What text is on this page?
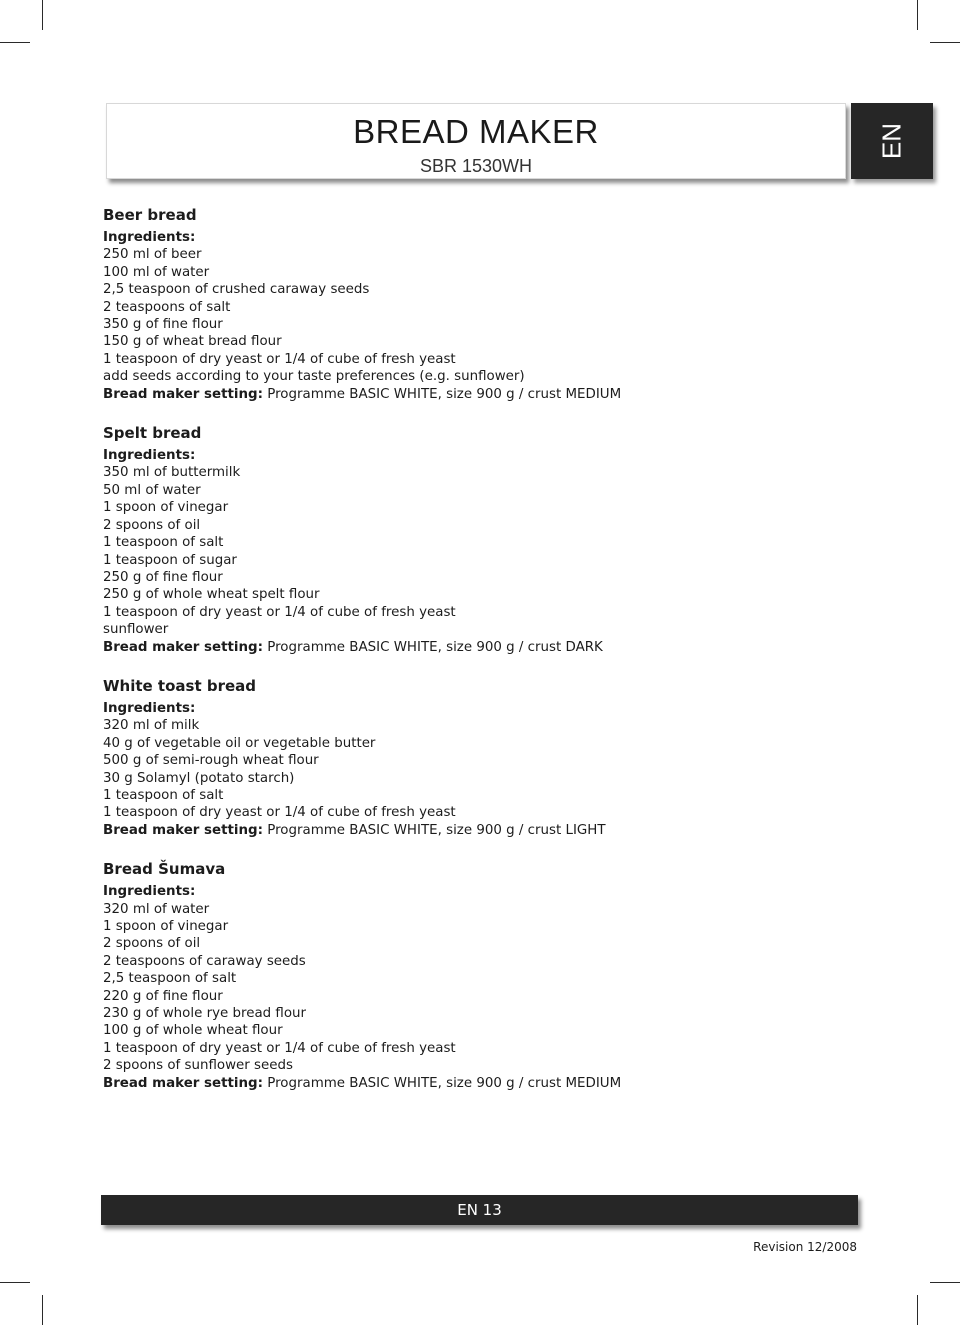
BREAD MAKER
SBR 1530WH
EN
Beer bread
Ingredients:
250 ml of beer
100 ml of water
2,5 teaspoon of crushed caraway seeds
2 teaspoons of salt
350 g of fine flour
150 g of wheat bread flour
1 teaspoon of dry yeast or 1/4 of cube of fresh yeast
add seeds according to your taste preferences (e.g. sunflower)
Bread maker setting: Programme BASIC WHITE, size 900 g / crust MEDIUM
Spelt bread
Ingredients:
350 ml of buttermilk
50 ml of water
1 spoon of vinegar
2 spoons of oil
1 teaspoon of salt
1 teaspoon of sugar
250 g of fine flour
250 g of whole wheat spelt flour
1 teaspoon of dry yeast or 1/4 of cube of fresh yeast
sunflower
Bread maker setting: Programme BASIC WHITE, size 900 g / crust DARK
White toast bread
Ingredients:
320 ml of milk
40 g of vegetable oil or vegetable butter
500 g of semi-rough wheat flour
30 g Solamyl (potato starch)
1 teaspoon of salt
1 teaspoon of dry yeast or 1/4 of cube of fresh yeast
Bread maker setting: Programme BASIC WHITE, size 900 g / crust LIGHT
Bread Šumava
Ingredients:
320 ml of water
1 spoon of vinegar
2 spoons of oil
2 teaspoons of caraway seeds
2,5 teaspoon of salt
220 g of fine flour
230 g of whole rye bread flour
100 g of whole wheat flour
1 teaspoon of dry yeast or 1/4 of cube of fresh yeast
2 spoons of sunflower seeds
Bread maker setting: Programme BASIC WHITE, size 900 g / crust MEDIUM
EN 13
Revision 12/2008
